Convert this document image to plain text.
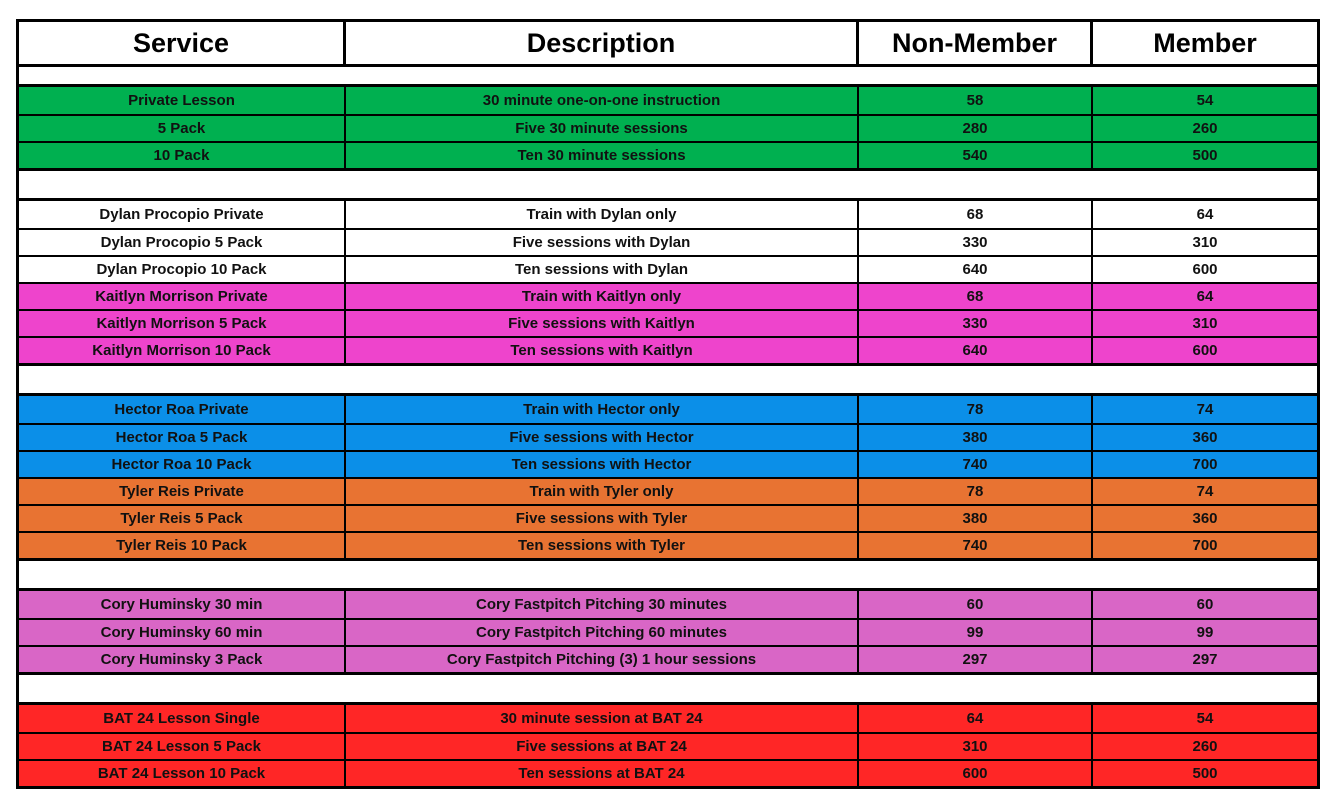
Service	Description	Non-Member	Member
Private Lesson	30 minute one-on-one instruction	58	54
5 Pack	Five 30 minute sessions	280	260
10 Pack	Ten 30 minute sessions	540	500
Dylan Procopio Private	Train with Dylan only	68	64
Dylan Procopio 5 Pack	Five sessions with Dylan	330	310
Dylan Procopio 10 Pack	Ten sessions with Dylan	640	600
Kaitlyn Morrison Private	Train with Kaitlyn only	68	64
Kaitlyn Morrison 5 Pack	Five sessions with Kaitlyn	330	310
Kaitlyn Morrison 10 Pack	Ten sessions with Kaitlyn	640	600
Hector Roa Private	Train with Hector only	78	74
Hector Roa 5 Pack	Five sessions with Hector	380	360
Hector Roa 10 Pack	Ten sessions with Hector	740	700
Tyler Reis Private	Train with Tyler only	78	74
Tyler Reis 5 Pack	Five sessions with Tyler	380	360
Tyler Reis 10 Pack	Ten sessions with Tyler	740	700
Cory Huminsky 30 min	Cory Fastpitch Pitching 30 minutes	60	60
Cory Huminsky 60 min	Cory Fastpitch Pitching 60 minutes	99	99
Cory Huminsky 3 Pack	Cory Fastpitch Pitching (3) 1 hour sessions	297	297
BAT 24 Lesson Single	30 minute session at BAT 24	64	54
BAT 24 Lesson 5 Pack	Five sessions at BAT 24	310	260
BAT 24 Lesson 10 Pack	Ten sessions at BAT 24	600	500
